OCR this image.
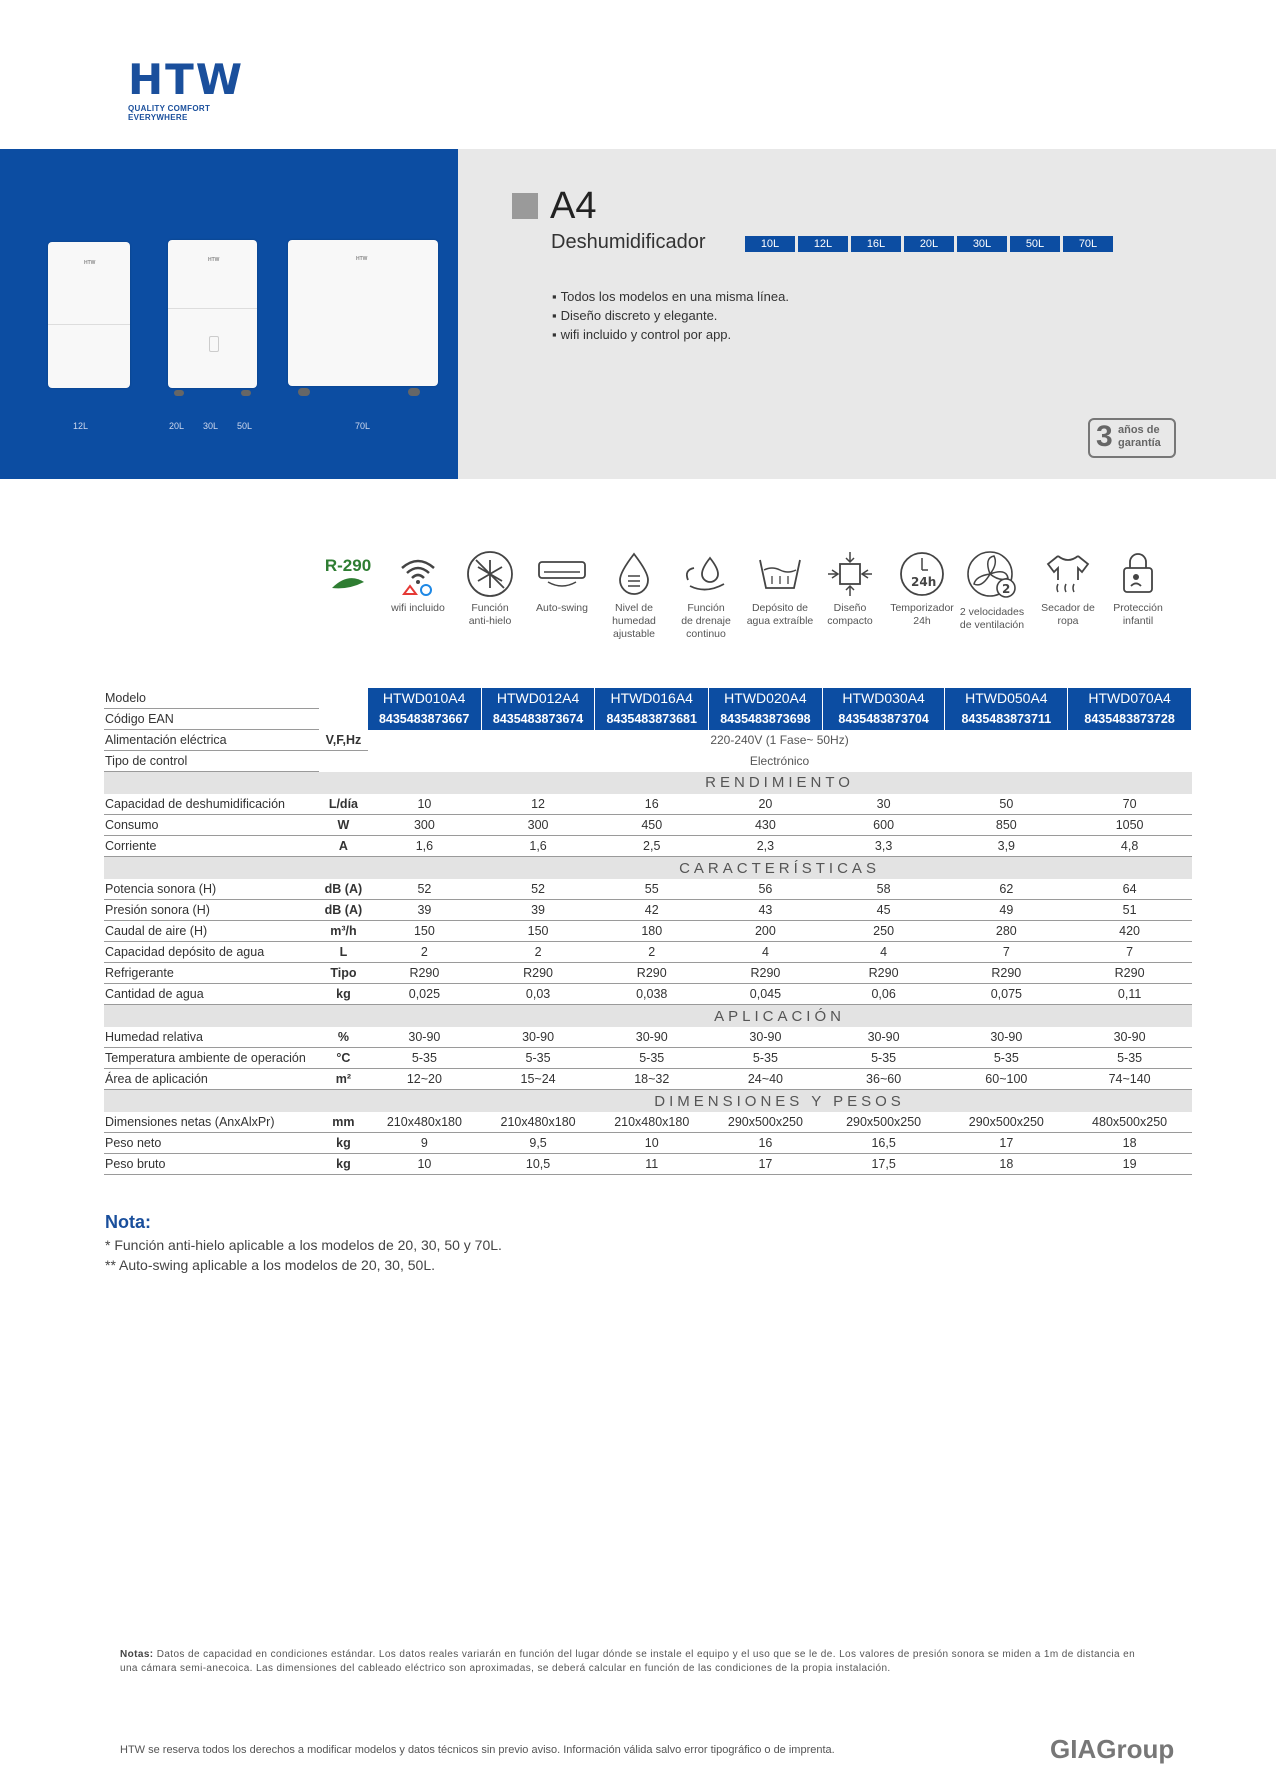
HTW
QUALITY COMFORT EVERYWHERE
HTW	HTW	HTW
12L	20L 30L 50L	70L
A4
Deshumidificador	10L	12L	16L	20L	30L	50L	70L
▪ Todos los modelos en una misma línea.
▪ Diseño discreto y elegante.
▪ wifi incluido y control por app.
3 años de
garantía
R-290
wifi incluido	Función
anti-hielo
Auto-swing	Nivel de
humedad
ajustable
Función
de drenaje
continuo
Depósito de
agua extraíble
Diseño
compacto
24h
Temporizador
24h
2
2 velocidades
de ventilación
Secador de
ropa
Protección
infantil
Modelo		HTWD010A4	HTWD012A4	HTWD016A4	HTWD020A4	HTWD030A4	HTWD050A4	HTWD070A4
Código EAN		8435483873667	8435483873674	8435483873681	8435483873698	8435483873704	8435483873711	8435483873728
Alimentación eléctrica	V,F,Hz	220-240V (1 Fase~ 50Hz)						
Tipo de control		Electrónico						
		RENDIMIENTO						
Capacidad de deshumidificación	L/día	10	12	16	20	30	50	70
Consumo	W	300	300	450	430	600	850	1050
Corriente	A	1,6	1,6	2,5	2,3	3,3	3,9	4,8
		CARACTERÍSTICAS						
Potencia sonora (H)	dB (A)	52	52	55	56	58	62	64
Presión sonora (H)	dB (A)	39	39	42	43	45	49	51
Caudal de aire (H)	m³/h	150	150	180	200	250	280	420
Capacidad depósito de agua	L	2	2	2	4	4	7	7
Refrigerante	Tipo	R290	R290	R290	R290	R290	R290	R290
Cantidad de agua	kg	0,025	0,03	0,038	0,045	0,06	0,075	0,11
		APLICACIÓN						
Humedad relativa	%	30-90	30-90	30-90	30-90	30-90	30-90	30-90
Temperatura ambiente de operación	°C	5-35	5-35	5-35	5-35	5-35	5-35	5-35
Área de aplicación	m²	12~20	15~24	18~32	24~40	36~60	60~100	74~140
		DIMENSIONES Y PESOS						
Dimensiones netas (AnxAlxPr)	mm	210x480x180	210x480x180	210x480x180	290x500x250	290x500x250	290x500x250	480x500x250
Peso neto	kg	9	9,5	10	16	16,5	17	18
Peso bruto	kg	10	10,5	11	17	17,5	18	19
Nota:
* Función anti-hielo aplicable a los modelos de 20, 30, 50 y 70L.
** Auto-swing aplicable a los modelos de 20, 30, 50L.
Notas: Datos de capacidad en condiciones estándar. Los datos reales variarán en función del lugar dónde se instale el equipo y el uso que se le de. Los valores de presión sonora se miden a 1m de distancia en una cámara semi-anecoica. Las dimensiones del cableado eléctrico son aproximadas, se deberá calcular en función de las condiciones de la propia instalación.
HTW se reserva todos los derechos a modificar modelos y datos técnicos sin previo aviso. Información válida salvo error tipográfico o de imprenta.	GIAGroup
